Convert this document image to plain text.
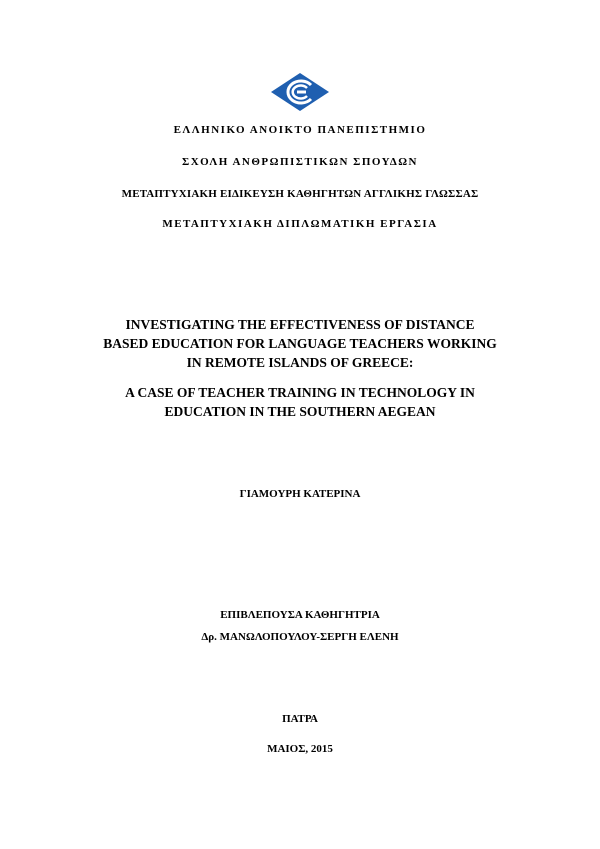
ΕΛΛΗΝΙΚΟ ΑΝΟΙΚΤΟ ΠΑΝΕΠΙΣΤΗΜΙΟ
ΣΧΟΛΗ ΑΝΘΡΩΠΙΣΤΙΚΩΝ ΣΠΟΥΔΩΝ
ΜΕΤΑΠΤΥΧΙΑΚΗ ΕΙΔΙΚΕΥΣΗ ΚΑΘΗΓΗΤΩΝ ΑΓΓΛΙΚΗΣ ΓΛΩΣΣΑΣ
ΜΕΤΑΠΤΥΧΙΑΚΗ ΔΙΠΛΩΜΑΤΙΚΗ ΕΡΓΑΣΙΑ
INVESTIGATING THE EFFECTIVENESS OF DISTANCE
BASED EDUCATION FOR LANGUAGE TEACHERS WORKING
IN REMOTE ISLANDS OF GREECE:
A CASE OF TEACHER TRAINING IN TECHNOLOGY IN
EDUCATION IN THE SOUTHERN AEGEAN
ΓΙΑΜΟΥΡΗ ΚΑΤΕΡΙΝΑ
ΕΠΙΒΛΕΠΟΥΣΑ ΚΑΘΗΓΗΤΡΙΑ
Δρ. ΜΑΝΩΛΟΠΟΥΛΟΥ-ΣΕΡΓΗ ΕΛΕΝΗ
ΠΑΤΡΑ
ΜΑΙΟΣ, 2015
